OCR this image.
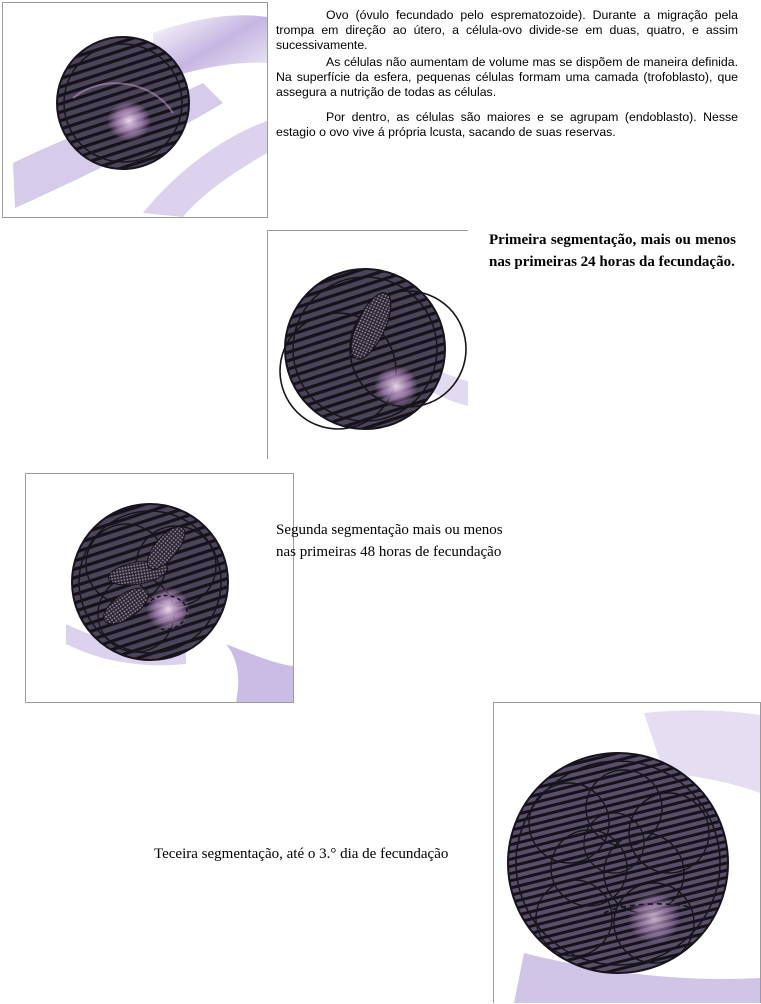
Ovo (óvulo fecundado pelo esprematozoide). Durante a migração pela trompa em direção ao útero, a célula-ovo divide-se em duas, quatro, e assim sucessivamente.

As células não aumentam de volume mas se dispõem de maneira definida. Na superfície da esfera, pequenas células formam uma camada (trofoblasto), que assegura a nutrição de todas as células.

Por dentro, as células são maiores e se agrupam (endoblasto). Nesse estagio o ovo vive á própria lcusta, sacando de suas reservas.

Primeira segmentação, mais ou menos nas primeiras 24 horas da fecundação.

Segunda segmentação mais ou menos nas primeiras 48 horas de fecundação

Teceira segmentação, até o 3.° dia de fecundação
